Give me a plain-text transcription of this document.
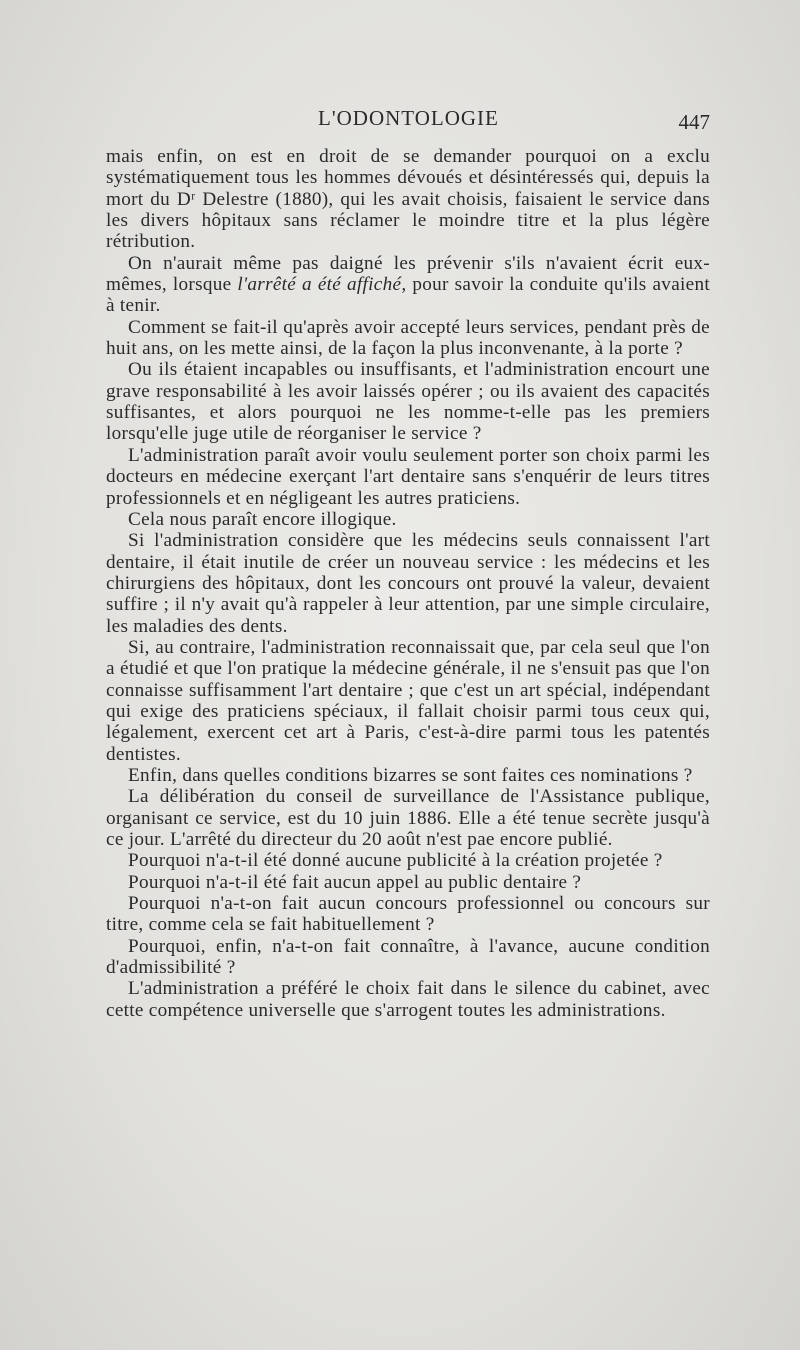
L'ODONTOLOGIE	447

mais enfin, on est en droit de se demander pourquoi on a exclu systématiquement tous les hommes dévoués et désintéressés qui, depuis la mort du Dʳ Delestre (1880), qui les avait choisis, faisaient le service dans les divers hôpitaux sans réclamer le moindre titre et la plus légère rétribution.

On n'aurait même pas daigné les prévenir s'ils n'avaient écrit eux-mêmes, lorsque l'arrêté a été affiché, pour savoir la conduite qu'ils avaient à tenir.

Comment se fait-il qu'après avoir accepté leurs services, pendant près de huit ans, on les mette ainsi, de la façon la plus inconvenante, à la porte ?

Ou ils étaient incapables ou insuffisants, et l'administration encourt une grave responsabilité à les avoir laissés opérer ; ou ils avaient des capacités suffisantes, et alors pourquoi ne les nomme-t-elle pas les premiers lorsqu'elle juge utile de réorganiser le service ?

L'administration paraît avoir voulu seulement porter son choix parmi les docteurs en médecine exerçant l'art dentaire sans s'enquérir de leurs titres professionnels et en négligeant les autres praticiens.

Cela nous paraît encore illogique.

Si l'administration considère que les médecins seuls connaissent l'art dentaire, il était inutile de créer un nouveau service : les médecins et les chirurgiens des hôpitaux, dont les concours ont prouvé la valeur, devaient suffire ; il n'y avait qu'à rappeler à leur attention, par une simple circulaire, les maladies des dents.

Si, au contraire, l'administration reconnaissait que, par cela seul que l'on a étudié et que l'on pratique la médecine générale, il ne s'ensuit pas que l'on connaisse suffisamment l'art dentaire ; que c'est un art spécial, indépendant qui exige des praticiens spéciaux, il fallait choisir parmi tous ceux qui, légalement, exercent cet art à Paris, c'est-à-dire parmi tous les patentés dentistes.

Enfin, dans quelles conditions bizarres se sont faites ces nominations ?

La délibération du conseil de surveillance de l'Assistance publique, organisant ce service, est du 10 juin 1886. Elle a été tenue secrète jusqu'à ce jour. L'arrêté du directeur du 20 août n'est pae encore publié.

Pourquoi n'a-t-il été donné aucune publicité à la création projetée ?

Pourquoi n'a-t-il été fait aucun appel au public dentaire ?

Pourquoi n'a-t-on fait aucun concours professionnel ou concours sur titre, comme cela se fait habituellement ?

Pourquoi, enfin, n'a-t-on fait connaître, à l'avance, aucune condition d'admissibilité ?

L'administration a préféré le choix fait dans le silence du cabinet, avec cette compétence universelle que s'arrogent toutes les administrations.
